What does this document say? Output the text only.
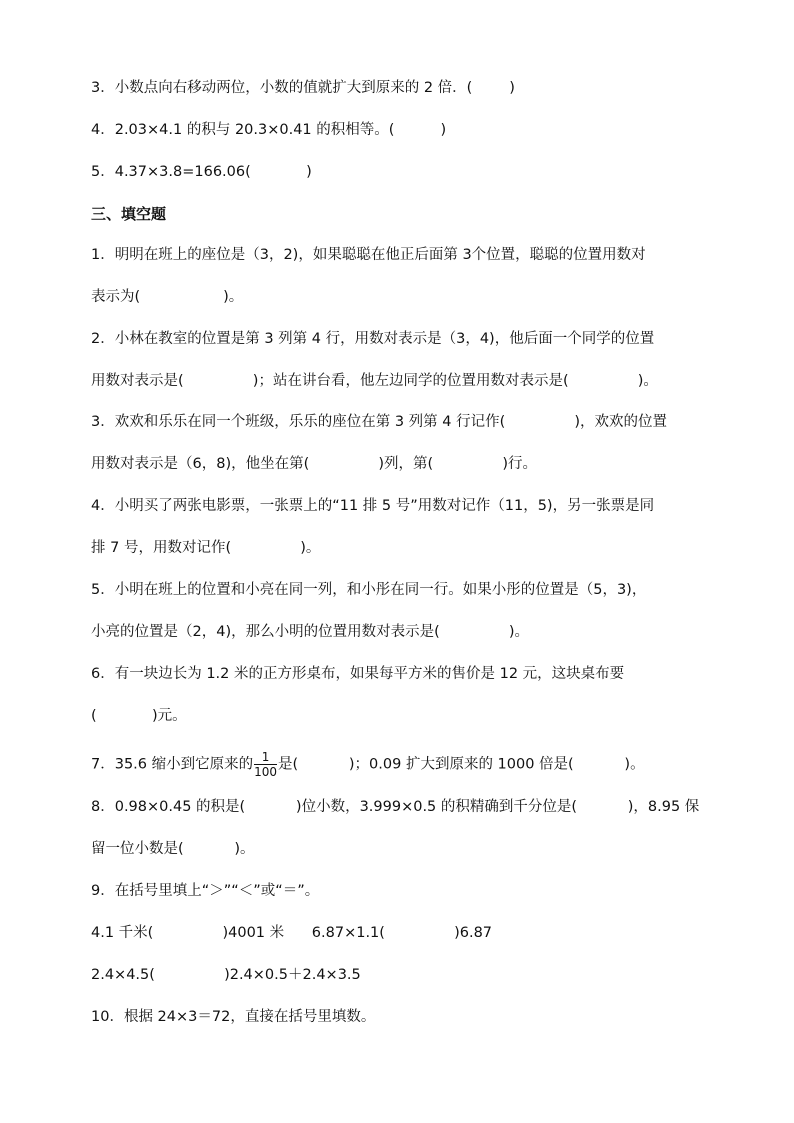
3．小数点向右移动两位，小数的值就扩大到原来的 2 倍．(        )
4．2.03×4.1 的积与 20.3×0.41 的积相等。(          )
5．4.37×3.8=166.06(            )
三、填空题
1．明明在班上的座位是（3，2)，如果聪聪在他正后面第 3个位置，聪聪的位置用数对
表示为(                  )。
2．小林在教室的位置是第 3 列第 4 行，用数对表示是（3，4)，他后面一个同学的位置
用数对表示是(               )；站在讲台看，他左边同学的位置用数对表示是(               )。
3．欢欢和乐乐在同一个班级，乐乐的座位在第 3 列第 4 行记作(               )，欢欢的位置
用数对表示是（6，8)，他坐在第(               )列，第(               )行。
4．小明买了两张电影票，一张票上的“11 排 5 号”用数对记作（11，5)，另一张票是同
排 7 号，用数对记作(               )。
5．小明在班上的位置和小亮在同一列，和小彤在同一行。如果小彤的位置是（5，3)，
小亮的位置是（2，4)，那么小明的位置用数对表示是(               )。
6．有一块边长为 1.2 米的正方形桌布，如果每平方米的售价是 12 元，这块桌布要
(            )元。
7．35.6 缩小到它原来的 $\frac{1}{100}$ 是(           )；0.09 扩大到原来的 1000 倍是(           )。
8．0.98×0.45 的积是(           )位小数，3.999×0.5 的积精确到千分位是(           )，8.95 保
留一位小数是(           )。
9．在括号里填上“＞”“＜”或“＝”。
4.1 千米(               )4001 米      6.87×1.1(               )6.87
2.4×4.5(               )2.4×0.5＋2.4×3.5
10．根据 24×3＝72，直接在括号里填数。
